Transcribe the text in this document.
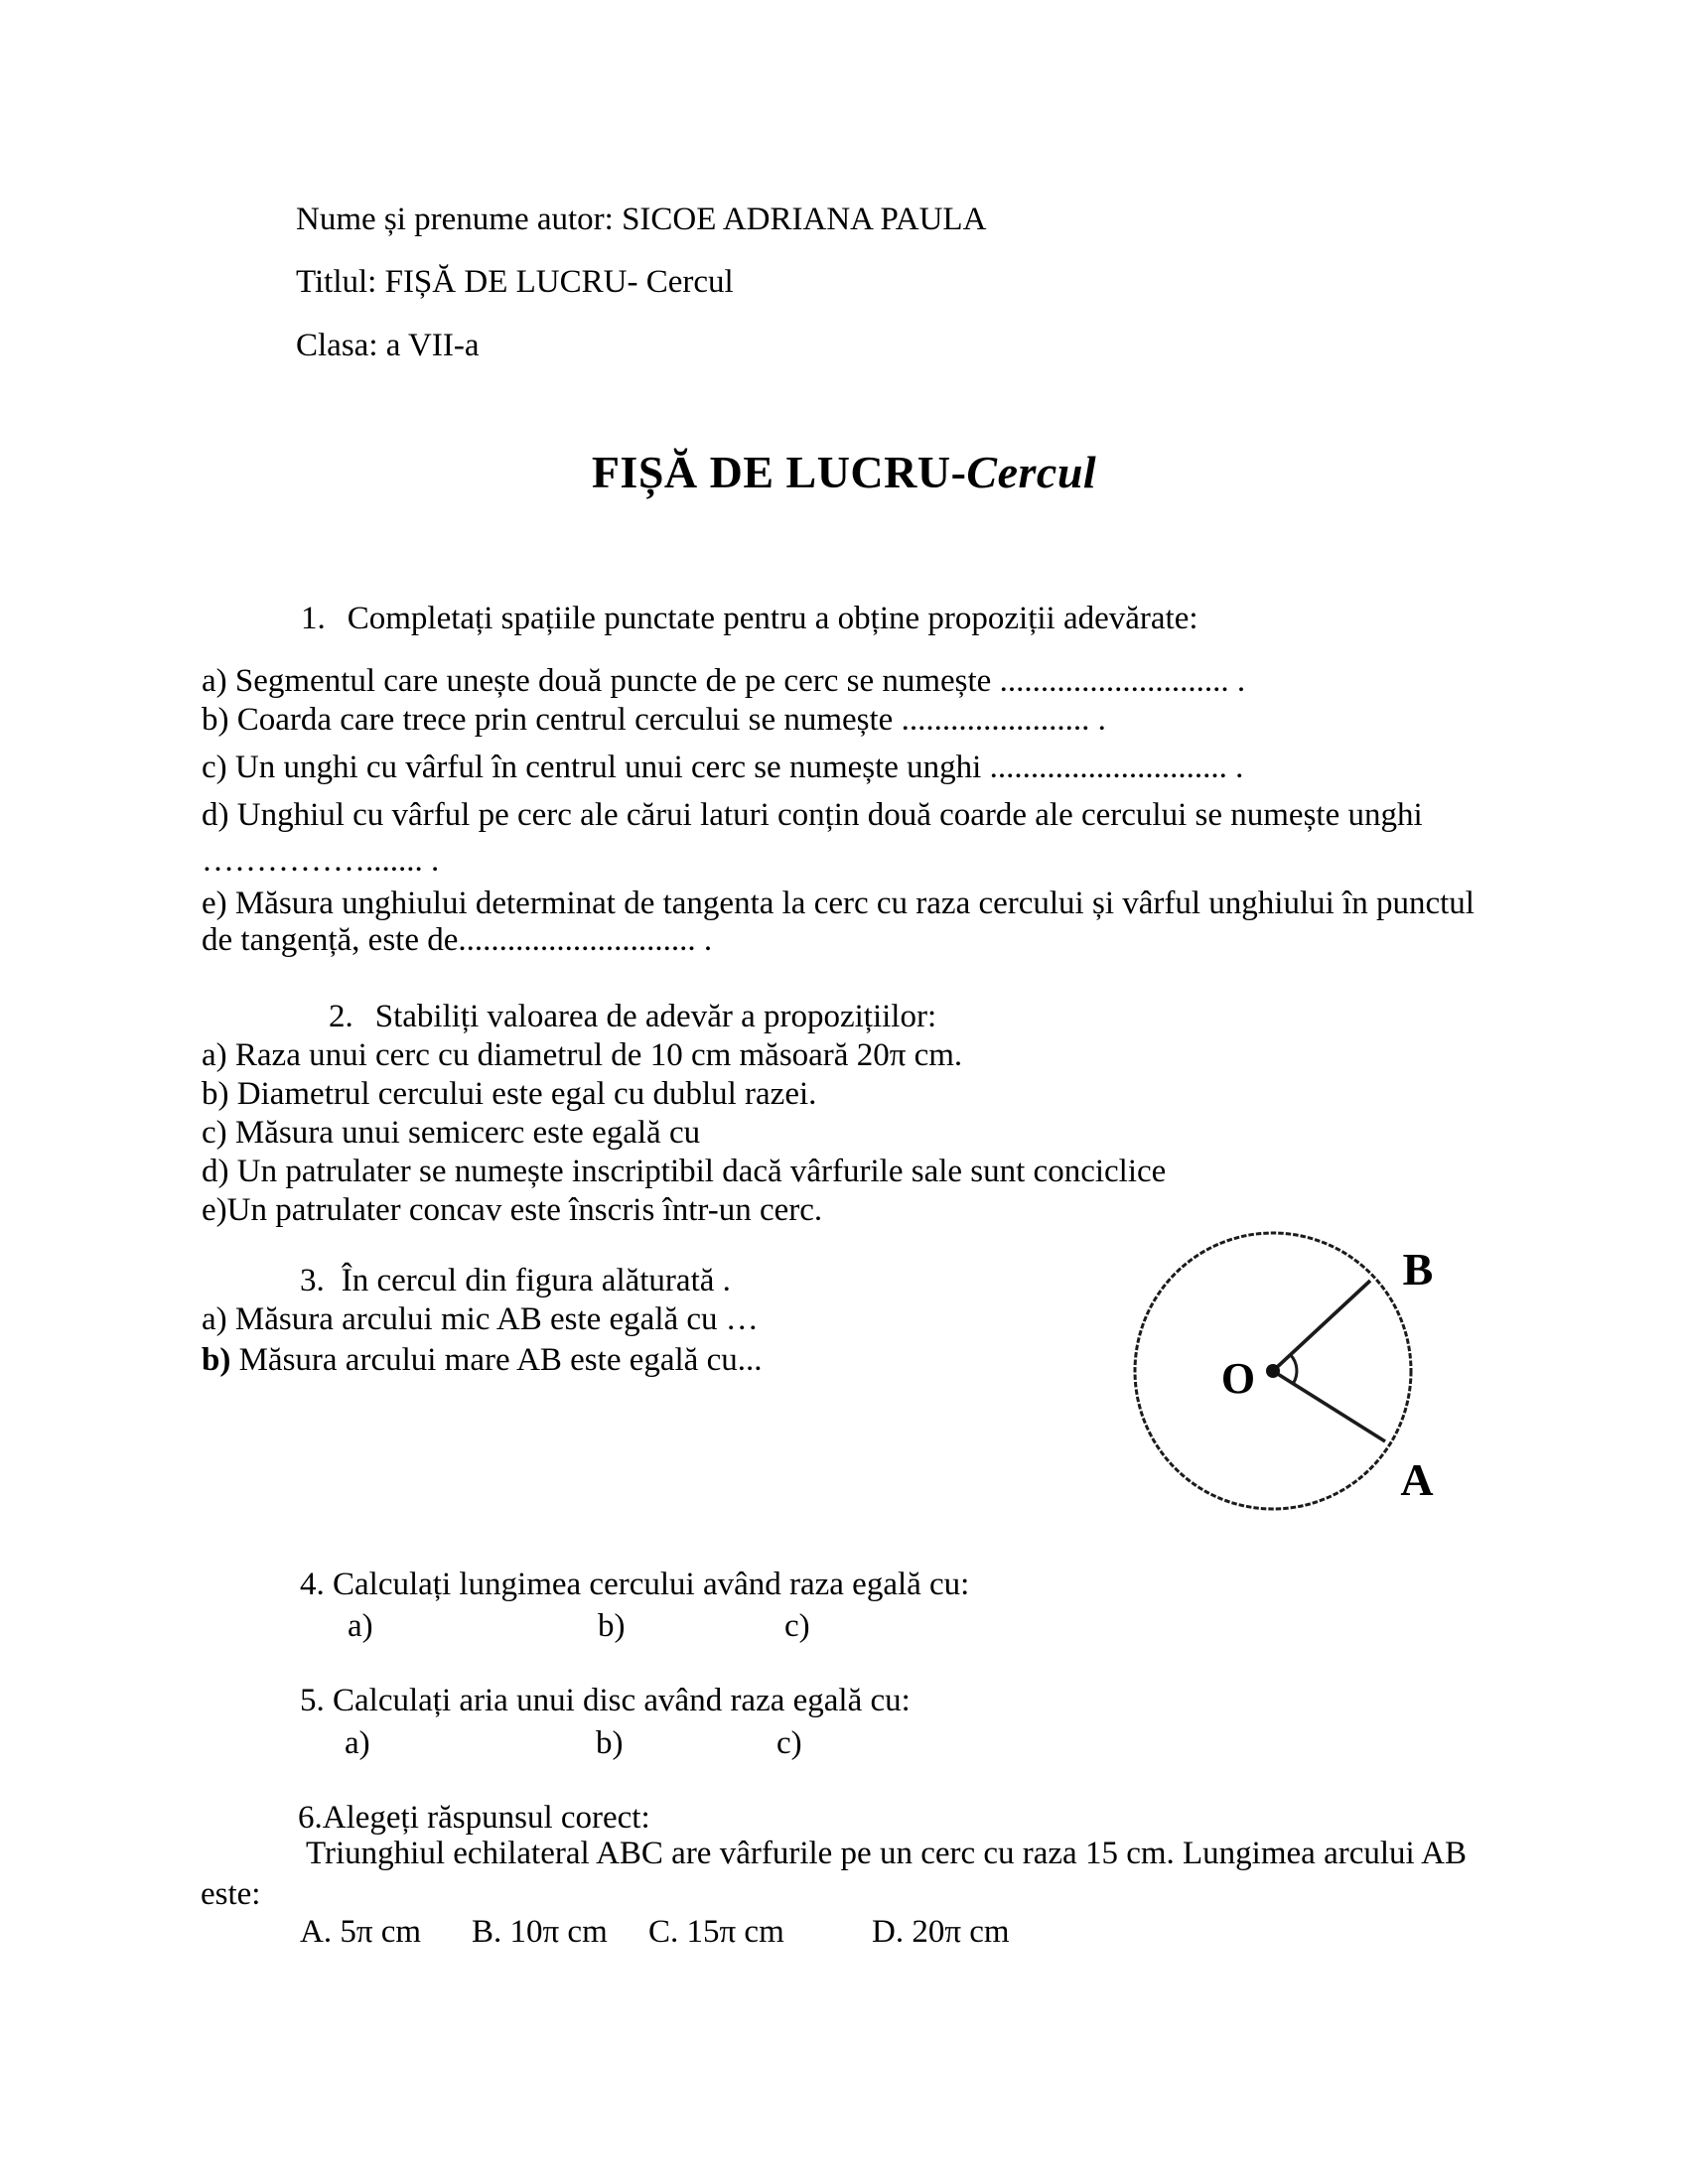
Nume și prenume autor: SICOE ADRIANA PAULA
Titlul: FIȘĂ DE LUCRU- Cercul
Clasa: a VII-a
FIȘĂ DE LUCRU-Cercul
1. Completați spațiile punctate pentru a obține propoziții adevărate:
a) Segmentul care unește două puncte de pe cerc se numește ............................ .
b) Coarda care trece prin centrul cercului se numește ....................... .
c) Un unghi cu vârful în centrul unui cerc se numește unghi ............................. .
d) Unghiul cu vârful pe cerc ale cărui laturi conțin două coarde ale cercului se numește unghi
……………....... .
e) Măsura unghiului determinat de tangenta la cerc cu raza cercului și vârful unghiului în punctul
de tangență, este de............................. .
2. Stabiliți valoarea de adevăr a propozițiilor:
a) Raza unui cerc cu diametrul de 10 cm măsoară 20π cm.
b) Diametrul cercului este egal cu dublul razei.
c) Măsura unui semicerc este egală cu
d) Un patrulater se numește inscriptibil dacă vârfurile sale sunt conciclice
e)Un patrulater concav este înscris într-un cerc.
3. În cercul din figura alăturată .
a) Măsura arcului mic AB este egală cu …
b) Măsura arcului mare AB este egală cu...	O
B
A
4. Calculați lungimea cercului având raza egală cu:
a)	b)	c)
5. Calculați aria unui disc având raza egală cu:
a)	b)	c)
6.Alegeți răspunsul corect:
Triunghiul echilateral ABC are vârfurile pe un cerc cu raza 15 cm. Lungimea arcului AB
este:
A. 5π cm B. 10π cm C. 15π cm	D. 20π cm
